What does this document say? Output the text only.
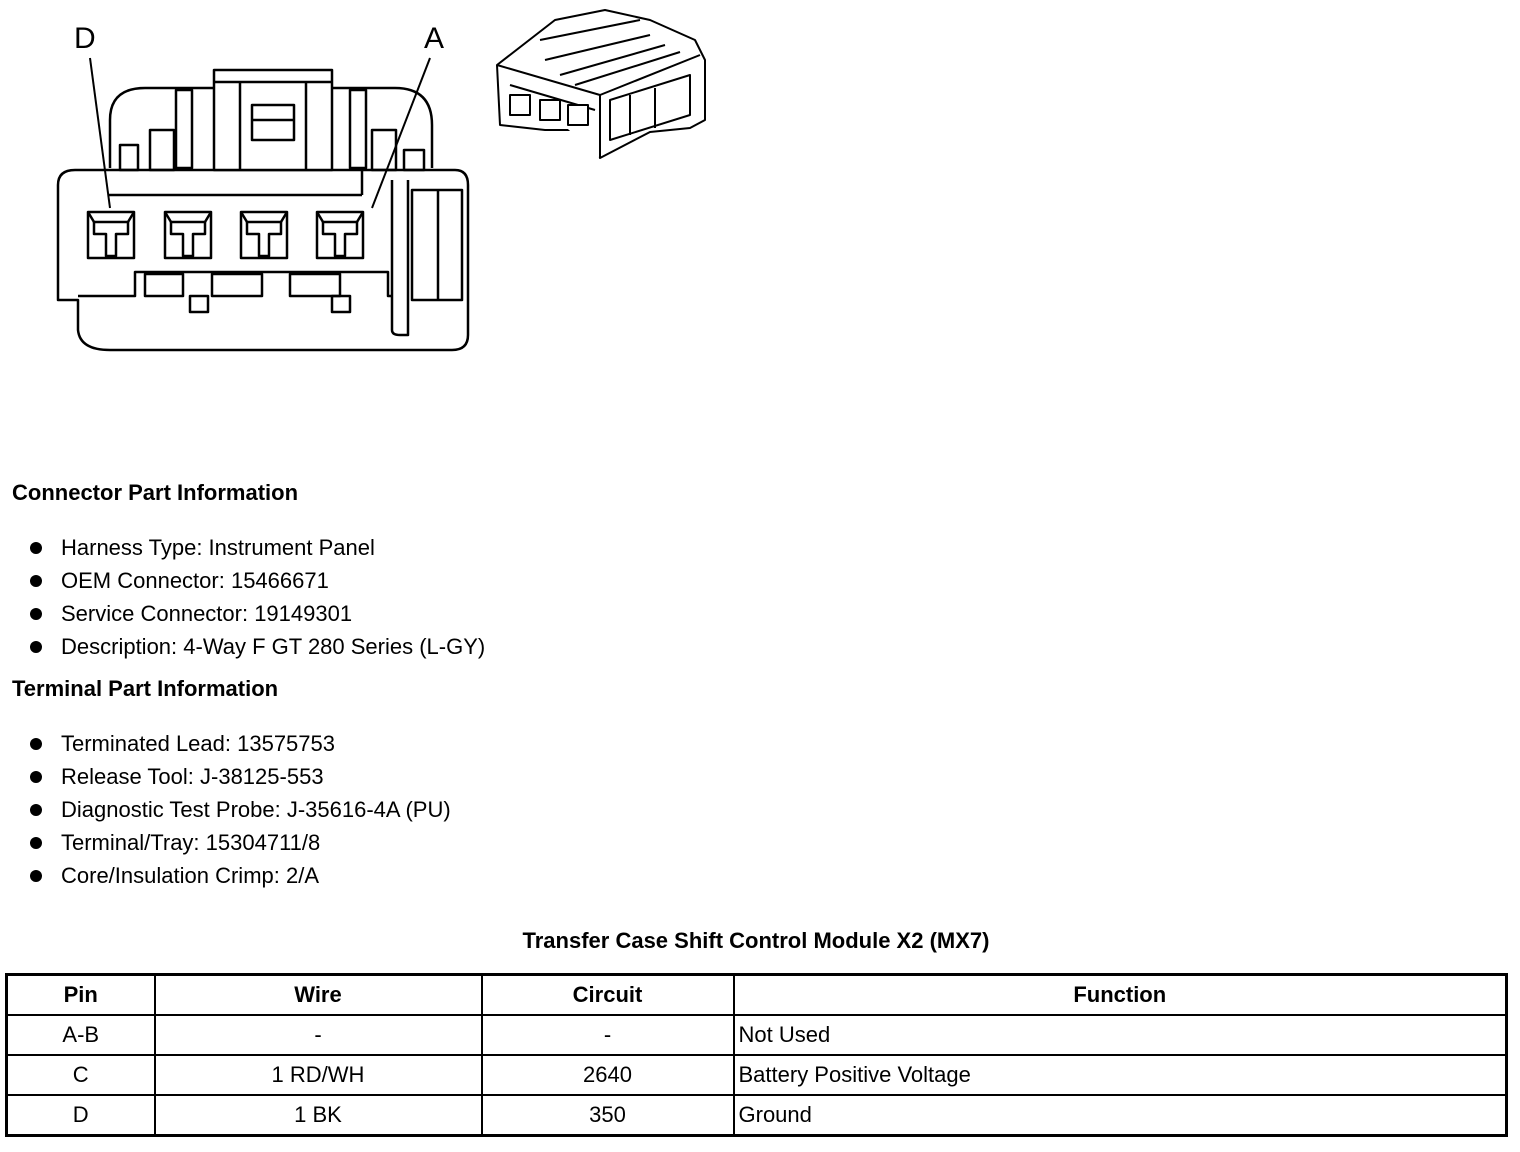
D	A
Connector Part Information
Harness Type: Instrument Panel
OEM Connector: 15466671
Service Connector: 19149301
Description: 4-Way F GT 280 Series (L-GY)
Terminal Part Information
Terminated Lead: 13575753
Release Tool: J-38125-553
Diagnostic Test Probe: J-35616-4A (PU)
Terminal/Tray: 15304711/8
Core/Insulation Crimp: 2/A
Transfer Case Shift Control Module X2 (MX7)
Pin	Wire	Circuit	Function
A-B	-	-	Not Used
C	1 RD/WH	2640	Battery Positive Voltage
D	1 BK	350	Ground
